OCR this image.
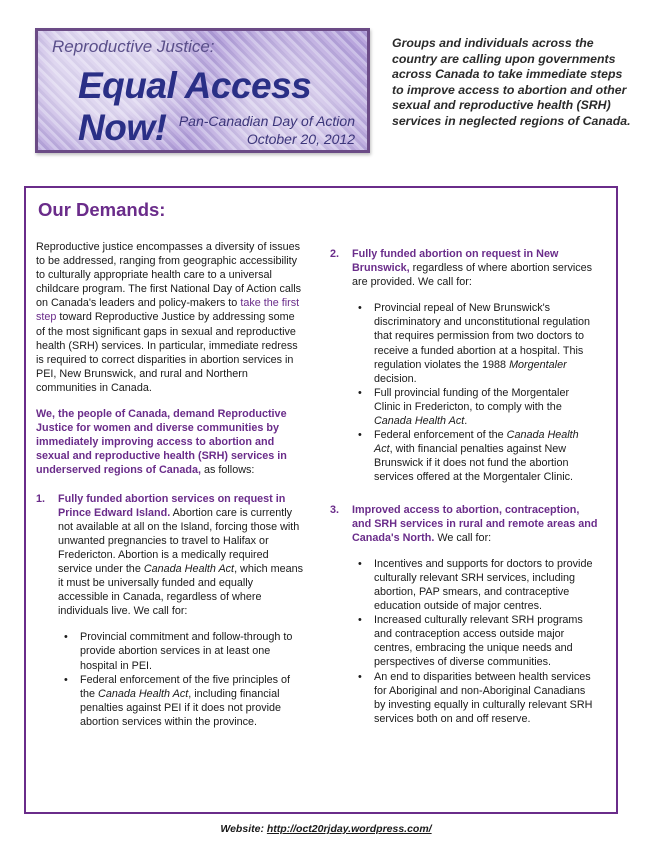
Reproductive Justice:
Equal Access Now! Pan-Canadian Day of Action
October 20, 2012
Groups and individuals across the country are calling upon governments across Canada to take immediate steps to improve access to abortion and other sexual and reproductive health (SRH) services in neglected regions of Canada.
Our Demands:

Reproductive justice encompasses a diversity of issues to be addressed, ranging from geographic accessibility to culturally appropriate health care to a universal childcare program. The first National Day of Action calls on Canada's leaders and policy-makers to take the first step toward Reproductive Justice by addressing some of the most significant gaps in sexual and reproductive health (SRH) services. In particular, immediate redress is required to correct disparities in abortion services in PEI, New Brunswick, and rural and Northern communities in Canada.

We, the people of Canada, demand Reproductive Justice for women and diverse communities by immediately improving access to abortion and sexual and reproductive health (SRH) services in underserved regions of Canada, as follows:

1.	Fully funded abortion services on request in Prince Edward Island. Abortion care is currently not available at all on the Island, forcing those with unwanted pregnancies to travel to Halifax or Fredericton. Abortion is a medically required service under the Canada Health Act, which means it must be universally funded and equally accessible in Canada, regardless of where individuals live. We call for:
• Provincial commitment and follow-through to provide abortion services in at least one hospital in PEI.
• Federal enforcement of the five principles of the Canada Health Act, including financial penalties against PEI if it does not provide abortion services within the province.
2.	Fully funded abortion on request in New Brunswick, regardless of where abortion services are provided. We call for:
• Provincial repeal of New Brunswick's discriminatory and unconstitutional regulation that requires permission from two doctors to receive a funded abortion at a hospital. This regulation violates the 1988 Morgentaler decision.
• Full provincial funding of the Morgentaler Clinic in Fredericton, to comply with the Canada Health Act.
• Federal enforcement of the Canada Health Act, with financial penalties against New Brunswick if it does not fund the abortion services offered at the Morgentaler Clinic.
3.	Improved access to abortion, contraception, and SRH services in rural and remote areas and Canada's North. We call for:
• Incentives and supports for doctors to provide culturally relevant SRH services, including abortion, PAP smears, and contraceptive education outside of major centres.
• Increased culturally relevant SRH programs and contraception access outside major centres, embracing the unique needs and perspectives of diverse communities.
• An end to disparities between health services for Aboriginal and non-Aboriginal Canadians by investing equally in culturally relevant SRH services both on and off reserve.
Website: http://oct20rjday.wordpress.com/
